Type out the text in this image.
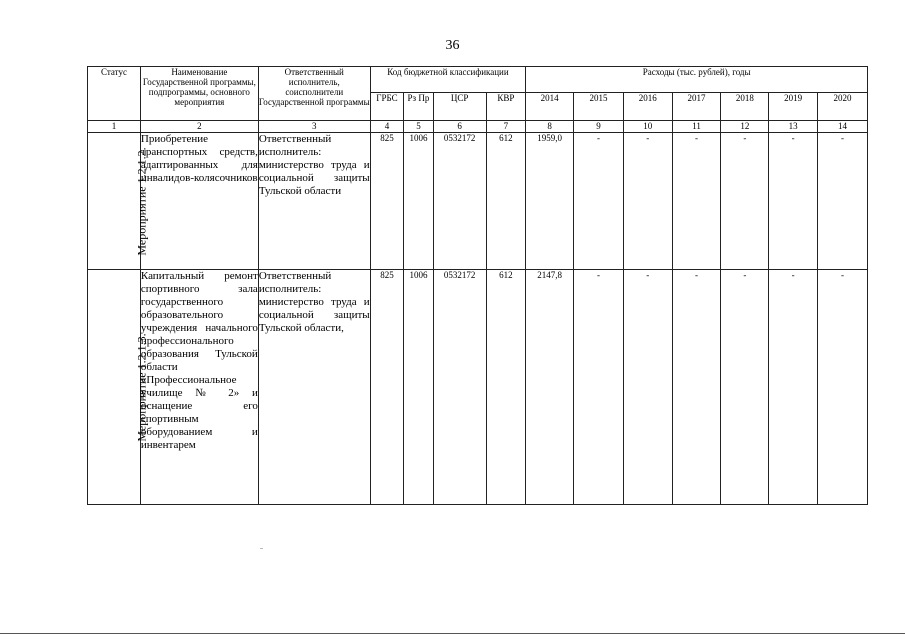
36
Статус	Наименование Государственной программы, подпрограммы, основного мероприятия	Ответственный исполнитель, соисполнители Государственной программы	Код бюджетной классификации				Расходы (тыс. рублей), годы						
			ГРБС	Рз Пр	ЦСР	КВР	2014	2015	2016	2017	2018	2019	2020
1	2	3	4	5	6	7	8	9	10	11	12	13	14
Мероприятие 1.2.1.2.	Приобретение транспортных средств, адаптированных для инвалидов-колясочников	Ответственный исполнитель: министерство труда и социальной защиты Тульской области	825	1006	0532172	612	1959,0	-	-	-	-	-	-
Мероприятие 1.2.1.3.	Капитальный ремонт спортивного зала государственного образовательного учреждения начального профессионального образования Тульской области «Профессиональное училище № 2» и оснащение его спортивным оборудованием и инвентарем	Ответственный исполнитель: министерство труда и социальной защиты Тульской области,	825	1006	0532172	612	2147,8	-	-	-	-	-	-
